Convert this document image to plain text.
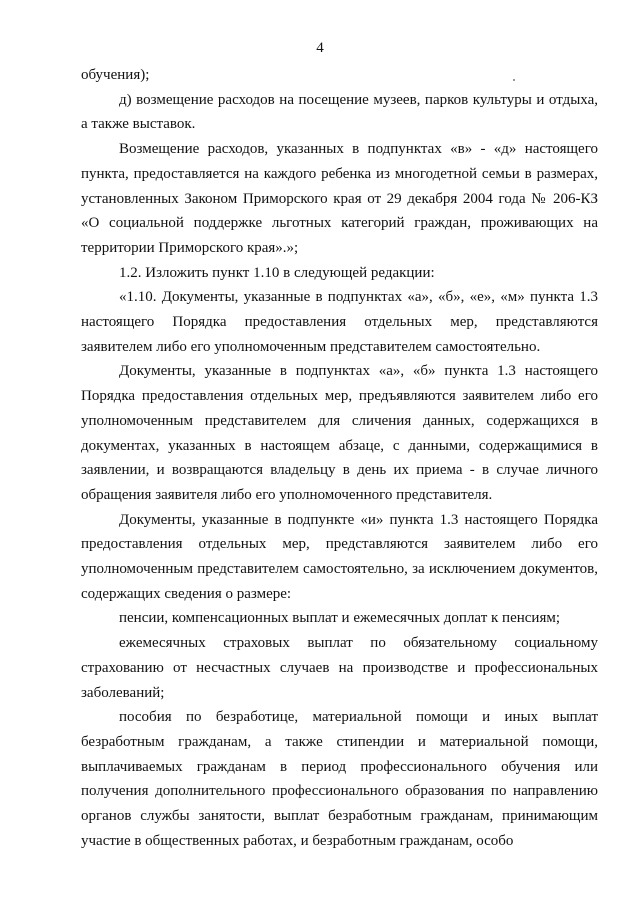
4

обучения);

д) возмещение расходов на посещение музеев, парков культуры и отдыха, а также выставок.

Возмещение расходов, указанных в подпунктах «в» - «д» настоящего пункта, предоставляется на каждого ребенка из многодетной семьи в размерах, установленных Законом Приморского края от 29 декабря 2004 года № 206-КЗ «О социальной поддержке льготных категорий граждан, проживающих на территории Приморского края».»;

1.2. Изложить пункт 1.10 в следующей редакции:

«1.10. Документы, указанные в подпунктах «а», «б», «е», «м» пункта 1.3 настоящего Порядка предоставления отдельных мер, представляются заявителем либо его уполномоченным представителем самостоятельно.

Документы, указанные в подпунктах «а», «б» пункта 1.3 настоящего Порядка предоставления отдельных мер, предъявляются заявителем либо его уполномоченным представителем для сличения данных, содержащихся в документах, указанных в настоящем абзаце, с данными, содержащимися в заявлении, и возвращаются владельцу в день их приема - в случае личного обращения заявителя либо его уполномоченного представителя.

Документы, указанные в подпункте «и» пункта 1.3 настоящего Порядка предоставления отдельных мер, представляются заявителем либо его уполномоченным представителем самостоятельно, за исключением документов, содержащих сведения о размере:

пенсии, компенсационных выплат и ежемесячных доплат к пенсиям;

ежемесячных страховых выплат по обязательному социальному страхованию от несчастных случаев на производстве и профессиональных заболеваний;

пособия по безработице, материальной помощи и иных выплат безработным гражданам, а также стипендии и материальной помощи, выплачиваемых гражданам в период профессионального обучения или получения дополнительного профессионального образования по направлению органов службы занятости, выплат безработным гражданам, принимающим участие в общественных работах, и безработным гражданам, особо
